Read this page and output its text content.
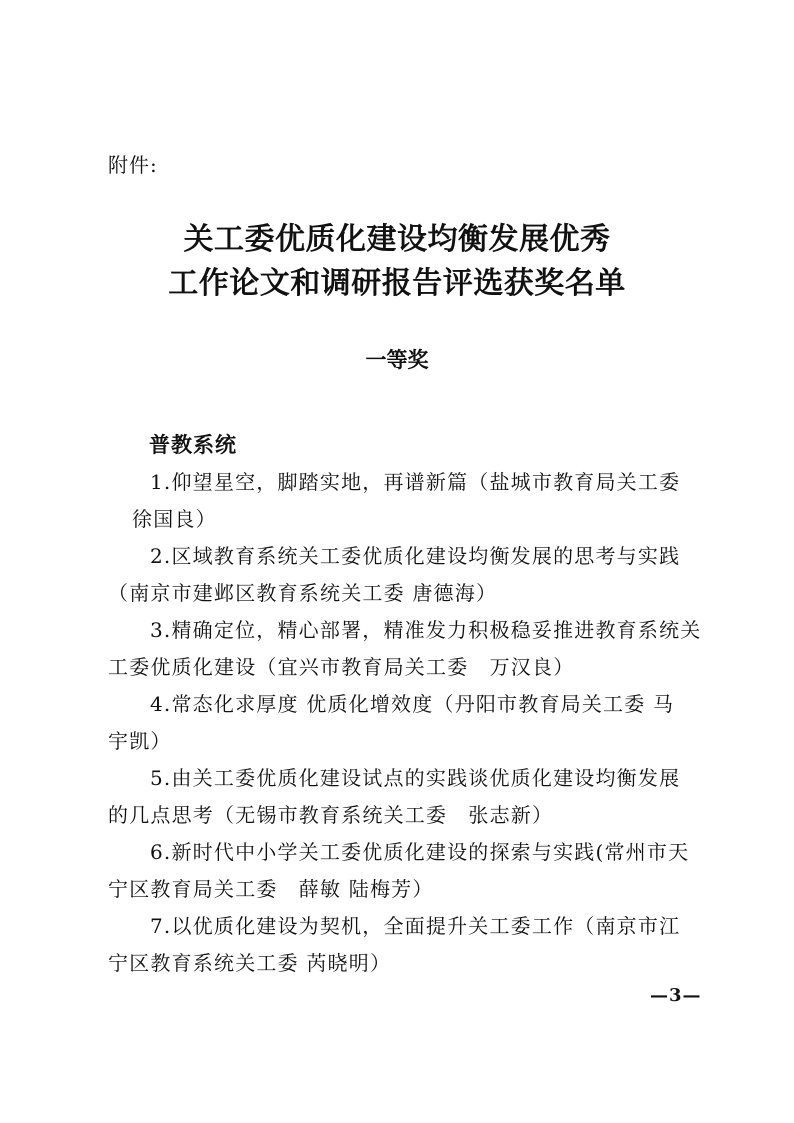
附件:
关工委优质化建设均衡发展优秀
工作论文和调研报告评选获奖名单
一等奖
普教系统

1.仰望星空，脚踏实地，再谱新篇（盐城市教育局关工委
徐国良）

2.区域教育系统关工委优质化建设均衡发展的思考与实践
（南京市建邺区教育系统关工委 唐德海）

3.精确定位，精心部署，精准发力积极稳妥推进教育系统关
工委优质化建设（宜兴市教育局关工委　万汉良）

4.常态化求厚度 优质化增效度（丹阳市教育局关工委 马
宇凯）

5.由关工委优质化建设试点的实践谈优质化建设均衡发展
的几点思考（无锡市教育系统关工委　张志新）

6.新时代中小学关工委优质化建设的探索与实践(常州市天
宁区教育局关工委　薛敏 陆梅芳）

7.以优质化建设为契机，全面提升关工委工作（南京市江
宁区教育系统关工委 芮晓明）

—3—
